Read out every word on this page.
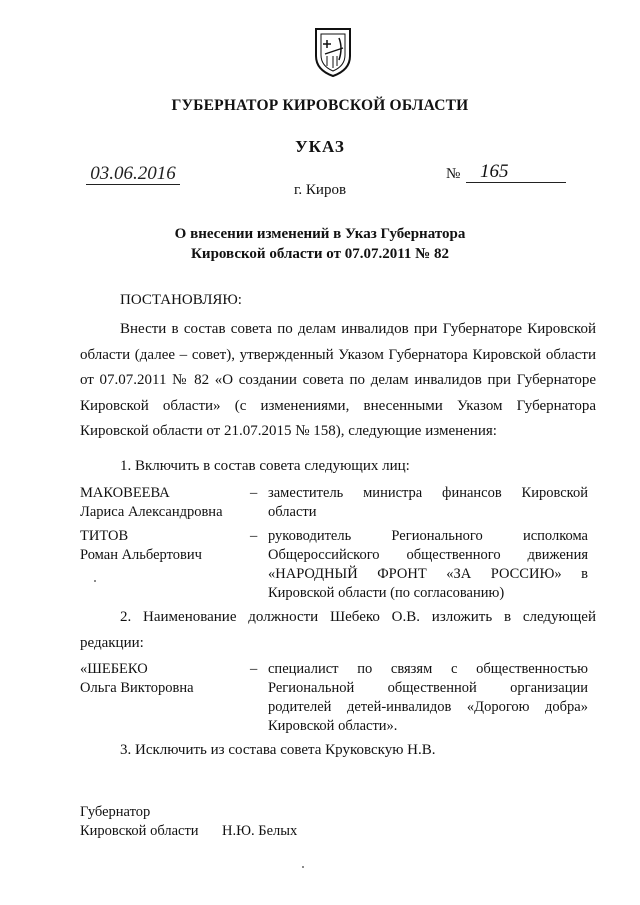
ГУБЕРНАТОР КИРОВСКОЙ ОБЛАСТИ
УКАЗ
03.06.2016	№	165
г. Киров
О внесении изменений в Указ Губернатора
Кировской области от 07.07.2011 № 82
ПОСТАНОВЛЯЮ:
Внести в состав совета по делам инвалидов при Губернаторе Кировской области (далее – совет), утвержденный Указом Губернатора Кировской области от 07.07.2011 № 82 «О создании совета по делам инвалидов при Губернаторе Кировской области» (с изменениями, внесенными Указом Губернатора Кировской области от 21.07.2015 № 158), следующие изменения:
1. Включить в состав совета следующих лиц:
МАКОВЕЕВА
Лариса Александровна
– заместитель министра финансов Кировской области
ТИТОВ
Роман Альбертович
– руководитель Регионального исполкома Общероссийского общественного движения «НАРОДНЫЙ ФРОНТ «ЗА РОССИЮ» в Кировской области (по согласованию)
2. Наименование должности Шебеко О.В. изложить в следующей редакции:
«ШЕБЕКО
Ольга Викторовна
– специалист по связям с общественностью Региональной общественной организации родителей детей-инвалидов «Дорогою добра» Кировской области».
3. Исключить из состава совета Круковскую Н.В.
Губернатор
Кировской области Н.Ю. Белых
